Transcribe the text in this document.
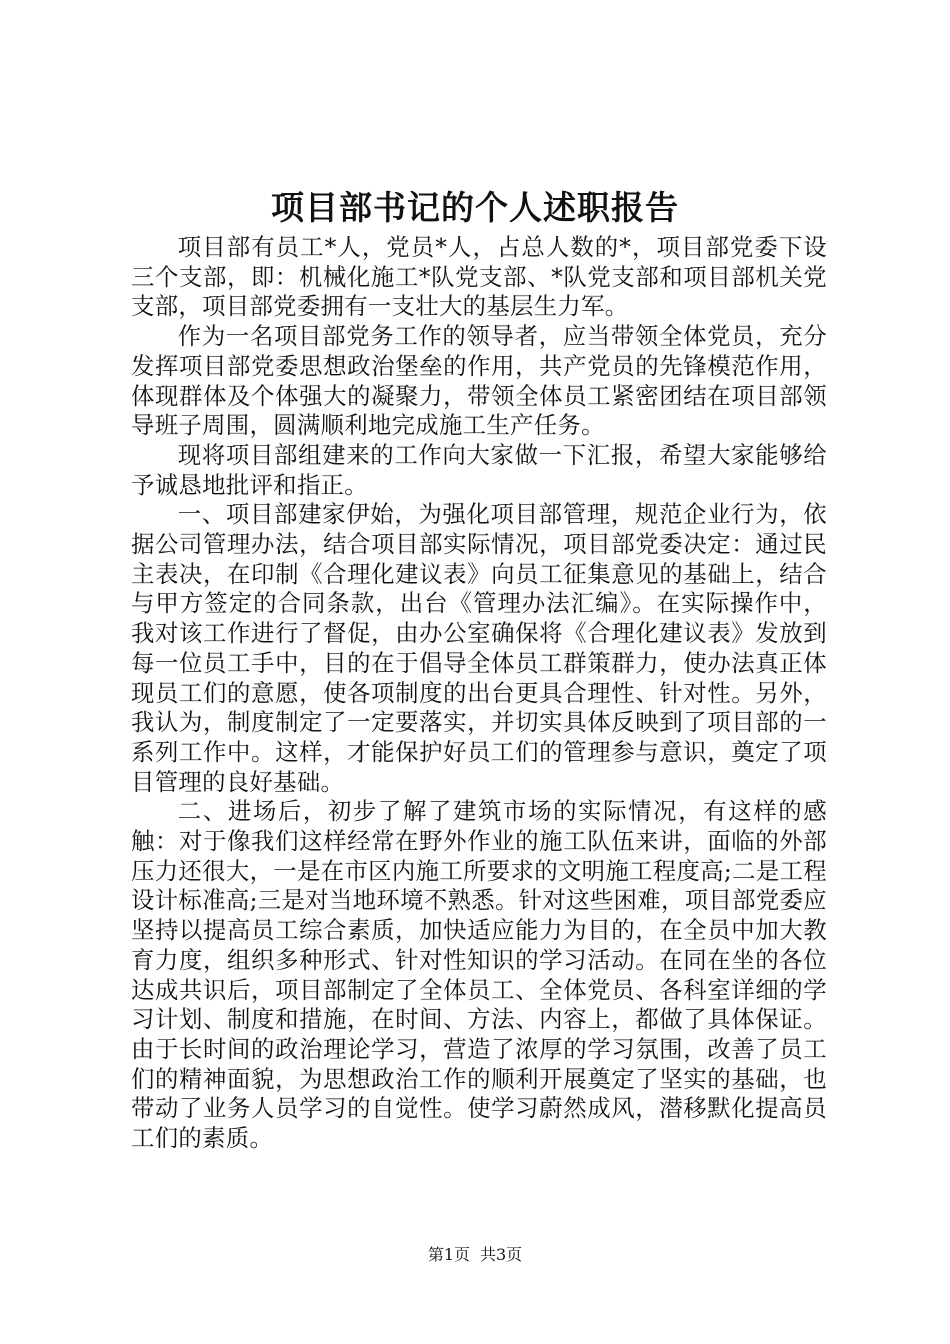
项目部书记的个人述职报告

项目部有员工*人，党员*人，占总人数的*，项目部党委下设三个支部，即：机械化施工*队党支部、*队党支部和项目部机关党支部，项目部党委拥有一支壮大的基层生力军。

作为一名项目部党务工作的领导者，应当带领全体党员，充分发挥项目部党委思想政治堡垒的作用，共产党员的先锋模范作用，体现群体及个体强大的凝聚力，带领全体员工紧密团结在项目部领导班子周围，圆满顺利地完成施工生产任务。

现将项目部组建来的工作向大家做一下汇报，希望大家能够给予诚恳地批评和指正。

一、项目部建家伊始，为强化项目部管理，规范企业行为，依据公司管理办法，结合项目部实际情况，项目部党委决定：通过民主表决，在印制《合理化建议表》向员工征集意见的基础上，结合与甲方签定的合同条款，出台《管理办法汇编》。在实际操作中，我对该工作进行了督促，由办公室确保将《合理化建议表》发放到每一位员工手中，目的在于倡导全体员工群策群力，使办法真正体现员工们的意愿，使各项制度的出台更具合理性、针对性。另外，我认为，制度制定了一定要落实，并切实具体反映到了项目部的一系列工作中。这样，才能保护好员工们的管理参与意识，奠定了项目管理的良好基础。

二、进场后，初步了解了建筑市场的实际情况，有这样的感触：对于像我们这样经常在野外作业的施工队伍来讲，面临的外部压力还很大，一是在市区内施工所要求的文明施工程度高;二是工程设计标准高;三是对当地环境不熟悉。针对这些困难，项目部党委应坚持以提高员工综合素质，加快适应能力为目的，在全员中加大教育力度，组织多种形式、针对性知识的学习活动。在同在坐的各位达成共识后，项目部制定了全体员工、全体党员、各科室详细的学习计划、制度和措施，在时间、方法、内容上，都做了具体保证。由于长时间的政治理论学习，营造了浓厚的学习氛围，改善了员工们的精神面貌，为思想政治工作的顺利开展奠定了坚实的基础，也带动了业务人员学习的自觉性。使学习蔚然成风，潜移默化提高员工们的素质。

第1页 共3页
